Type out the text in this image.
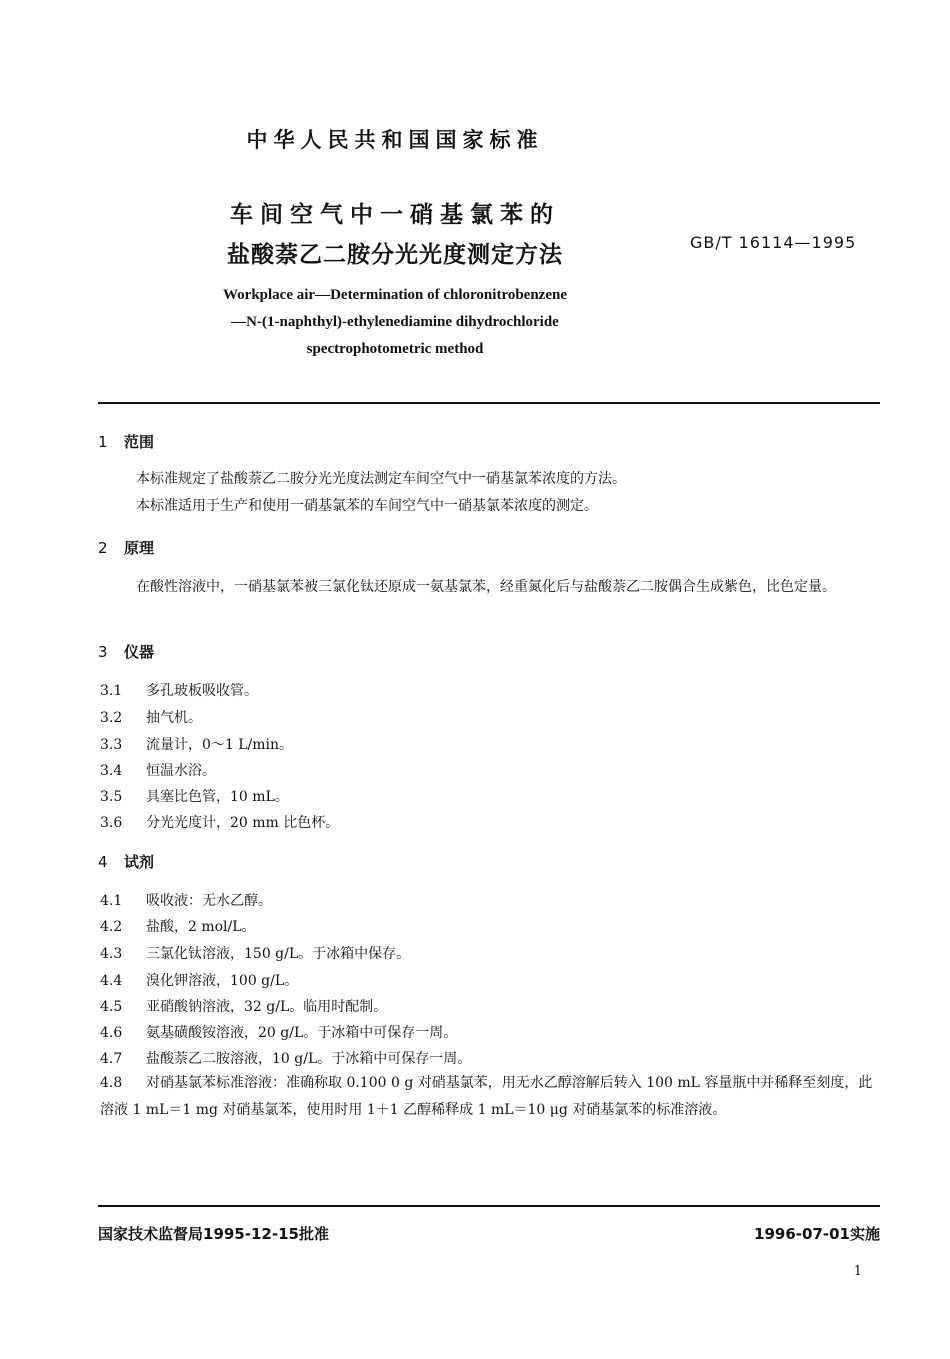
中华人民共和国国家标准
车间空气中一硝基氯苯的
盐酸萘乙二胺分光光度测定方法	GB/T 16114—1995
Workplace air—Determination of chloronitrobenzene
—N-(1-naphthyl)-ethylenediamine dihydrochloride
spectrophotometric method
1 范围
本标准规定了盐酸萘乙二胺分光光度法测定车间空气中一硝基氯苯浓度的方法。
本标准适用于生产和使用一硝基氯苯的车间空气中一硝基氯苯浓度的测定。
2 原理
在酸性溶液中，一硝基氯苯被三氯化钛还原成一氨基氯苯，经重氮化后与盐酸萘乙二胺偶合生成紫色，比色定量。
3 仪器
3.1 多孔玻板吸收管。
3.2 抽气机。
3.3 流量计，0～1 L/min。
3.4 恒温水浴。
3.5 具塞比色管，10 mL。
3.6 分光光度计，20 mm 比色杯。
4 试剂
4.1 吸收液：无水乙醇。
4.2 盐酸，2 mol/L。
4.3 三氯化钛溶液，150 g/L。于冰箱中保存。
4.4 溴化钾溶液，100 g/L。
4.5 亚硝酸钠溶液，32 g/L。临用时配制。
4.6 氨基磺酸铵溶液，20 g/L。于冰箱中可保存一周。
4.7 盐酸萘乙二胺溶液，10 g/L。于冰箱中可保存一周。
4.8 对硝基氯苯标准溶液：准确称取 0.100 0 g 对硝基氯苯，用无水乙醇溶解后转入 100 mL 容量瓶中并稀释至刻度，此溶液 1 mL＝1 mg 对硝基氯苯，使用时用 1＋1 乙醇稀释成 1 mL＝10 μg 对硝基氯苯的标准溶液。
国家技术监督局1995-12-15批准	1996-07-01实施
1
